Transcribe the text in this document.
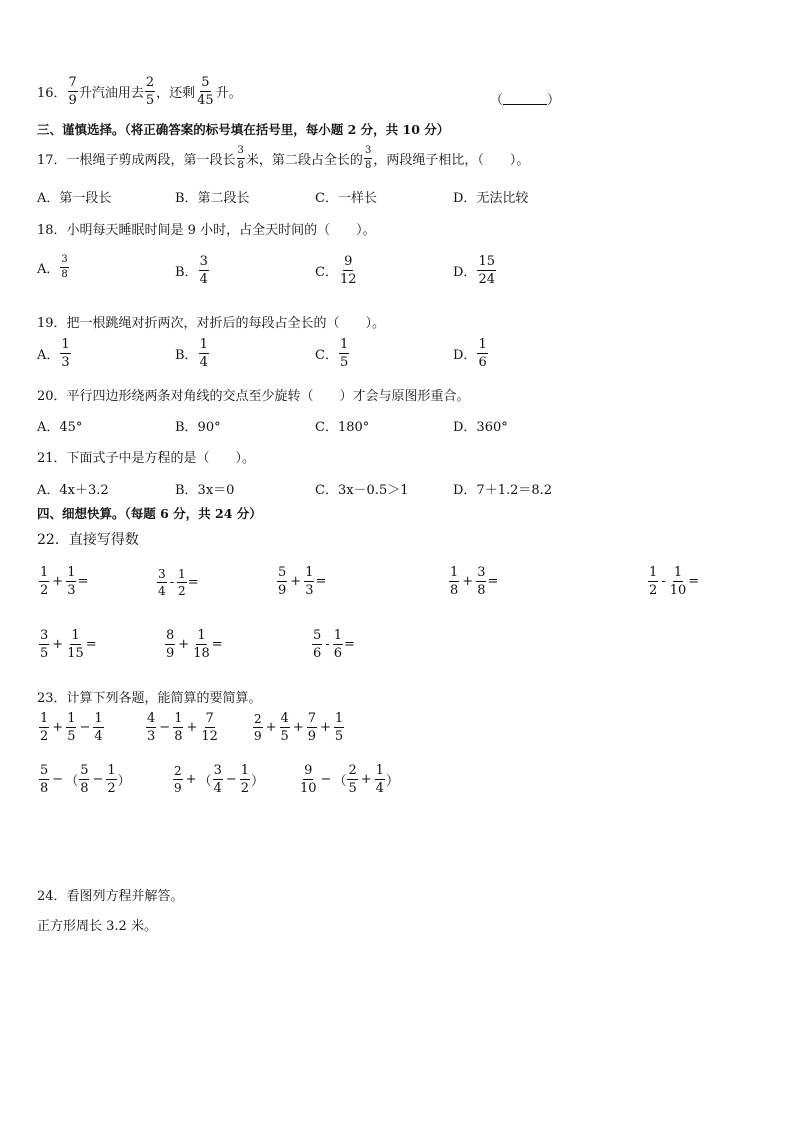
16． $\frac{7}{9}$ 升汽油用去 $\frac{2}{5}$ ，还剩 $\frac{5}{45}$ 升。	（	）
三、谨慎选择。（将正确答案的标号填在括号里，每小题 2 分，共 10 分）
17．一根绳子剪成两段，第一段长 $\frac{3}{8}$ 米，第二段占全长的 $\frac{3}{8}$ ，两段绳子相比，（　　）。
A．第一段长	B．第二段长	C．一样长	D．无法比较
18．小明每天睡眠时间是 9 小时，占全天时间的（　　）。
A． $\frac{3}{8}$	B． $\frac{3}{4}$	C． $\frac{9}{12}$	D． $\frac{15}{24}$
19．把一根跳绳对折两次，对折后的每段占全长的（　　）。
A． $\frac{1}{3}$	B． $\frac{1}{4}$	C． $\frac{1}{5}$	D． $\frac{1}{6}$
20．平行四边形绕两条对角线的交点至少旋转（　　）才会与原图形重合。
A．45°	B．90°	C．180°	D．360°
21．下面式子中是方程的是（　　）。
A．4x＋3.2	B．3x＝0	C．3x－0.5＞1	D．7＋1.2＝8.2
四、细想快算。（每题 6 分，共 24 分）
22．直接写得数
$\frac{1}{2} + \frac{1}{3}$ =	$\frac{3}{4} - \frac{1}{2}$ =	$\frac{5}{9} + \frac{1}{3}$ =	$\frac{1}{8} + \frac{3}{8}$ =	$\frac{1}{2} - \frac{1}{10}$ =
$\frac{3}{5} + \frac{1}{15}$ =	$\frac{8}{9} + \frac{1}{18}$ =	$\frac{5}{6} - \frac{1}{6}$ =
23．计算下列各题，能简算的要简算。
$\frac{1}{2} + \frac{1}{5} - \frac{1}{4}$	$\frac{4}{3} - \frac{1}{8} + \frac{7}{12}$	$\frac{2}{9} + \frac{4}{5} + \frac{7}{9} + \frac{1}{5}$
$\frac{5}{8}$ − （ $\frac{5}{8} - \frac{1}{2}$ ）	$\frac{2}{9}$ + （ $\frac{3}{4} - \frac{1}{2}$ ）	$\frac{9}{10}$ − （ $\frac{2}{5} + \frac{1}{4}$ ）
24．看图列方程并解答。
正方形周长 3.2 米。
